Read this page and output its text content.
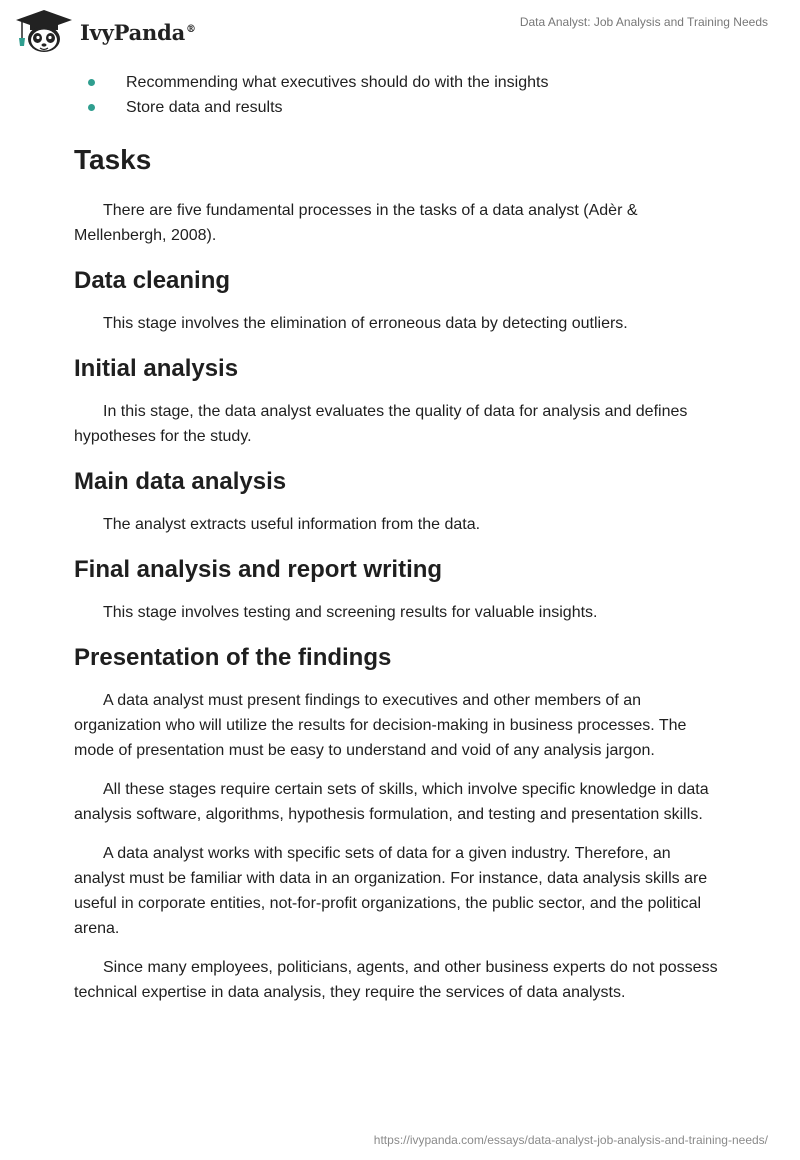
IvyPanda®	Data Analyst: Job Analysis and Training Needs
Recommending what executives should do with the insights
Store data and results
Tasks

There are five fundamental processes in the tasks of a data analyst (Adèr & Mellenbergh, 2008).

Data cleaning

This stage involves the elimination of erroneous data by detecting outliers.

Initial analysis

In this stage, the data analyst evaluates the quality of data for analysis and defines hypotheses for the study.

Main data analysis

The analyst extracts useful information from the data.

Final analysis and report writing

This stage involves testing and screening results for valuable insights.

Presentation of the findings

A data analyst must present findings to executives and other members of an organization who will utilize the results for decision-making in business processes. The mode of presentation must be easy to understand and void of any analysis jargon.

All these stages require certain sets of skills, which involve specific knowledge in data analysis software, algorithms, hypothesis formulation, and testing and presentation skills.

A data analyst works with specific sets of data for a given industry. Therefore, an analyst must be familiar with data in an organization. For instance, data analysis skills are useful in corporate entities, not-for-profit organizations, the public sector, and the political arena.

Since many employees, politicians, agents, and other business experts do not possess technical expertise in data analysis, they require the services of data analysts.

https://ivypanda.com/essays/data-analyst-job-analysis-and-training-needs/
